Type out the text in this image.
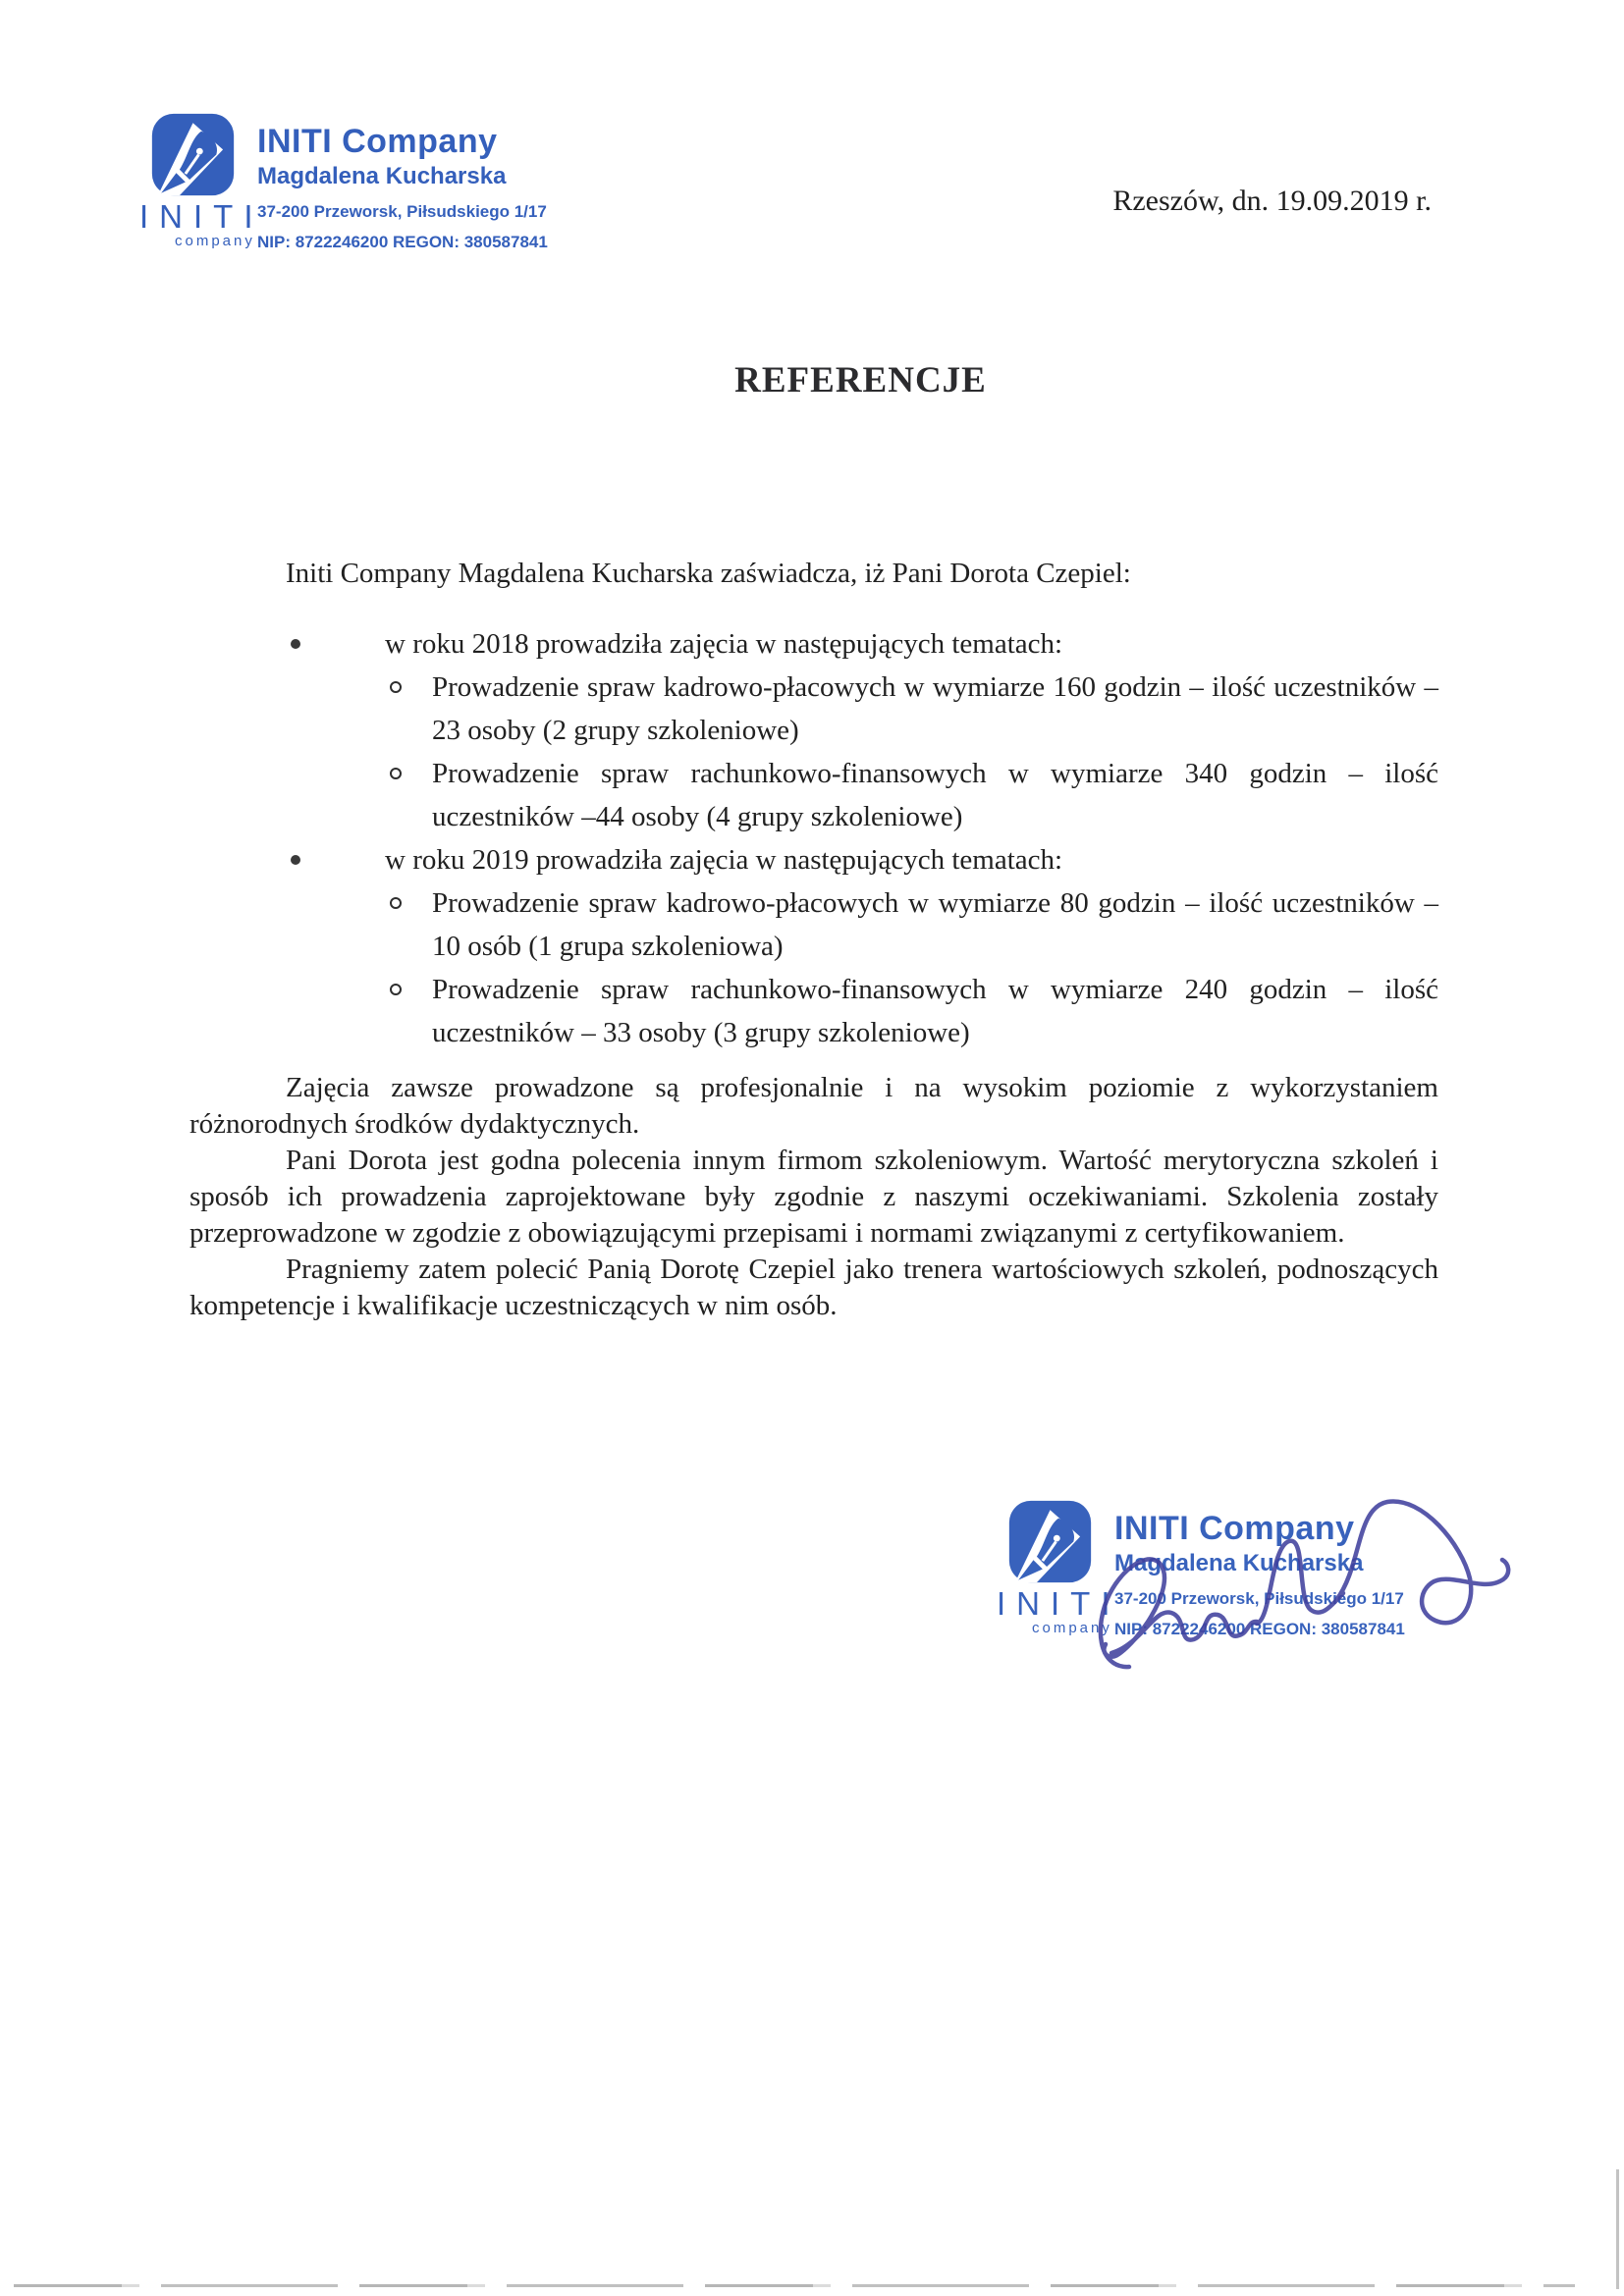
INITI
company
INITI Company
Magdalena Kucharska
37-200 Przeworsk, Piłsudskiego 1/17
NIP: 8722246200 REGON: 380587841
Rzeszów, dn. 19.09.2019 r.
REFERENCJE

Initi Company Magdalena Kucharska zaświadcza, iż Pani Dorota Czepiel:

w roku 2018 prowadziła zajęcia w następujących tematach:
Prowadzenie spraw kadrowo-płacowych w wymiarze 160 godzin – ilość uczestników – 23 osoby (2 grupy szkoleniowe)
Prowadzenie spraw rachunkowo-finansowych w wymiarze 340 godzin – ilość uczestników –44 osoby (4 grupy szkoleniowe)
w roku 2019 prowadziła zajęcia w następujących tematach:
Prowadzenie spraw kadrowo-płacowych w wymiarze 80 godzin – ilość uczestników – 10 osób (1 grupa szkoleniowa)
Prowadzenie spraw rachunkowo-finansowych w wymiarze 240 godzin – ilość uczestników – 33 osoby (3 grupy szkoleniowe)

Zajęcia zawsze prowadzone są profesjonalnie i na wysokim poziomie z wykorzystaniem różnorodnych środków dydaktycznych.

Pani Dorota jest godna polecenia innym firmom szkoleniowym. Wartość merytoryczna szkoleń i sposób ich prowadzenia zaprojektowane były zgodnie z naszymi oczekiwaniami. Szkolenia zostały przeprowadzone w zgodzie z obowiązującymi przepisami i normami związanymi z certyfikowaniem.

Pragniemy zatem polecić Panią Dorotę Czepiel jako trenera wartościowych szkoleń, podnoszących kompetencje i kwalifikacje uczestniczących w nim osób.

INITI
company
INITI Company
Magdalena Kucharska
37-200 Przeworsk, Piłsudskiego 1/17
NIP: 8722246200 REGON: 380587841
